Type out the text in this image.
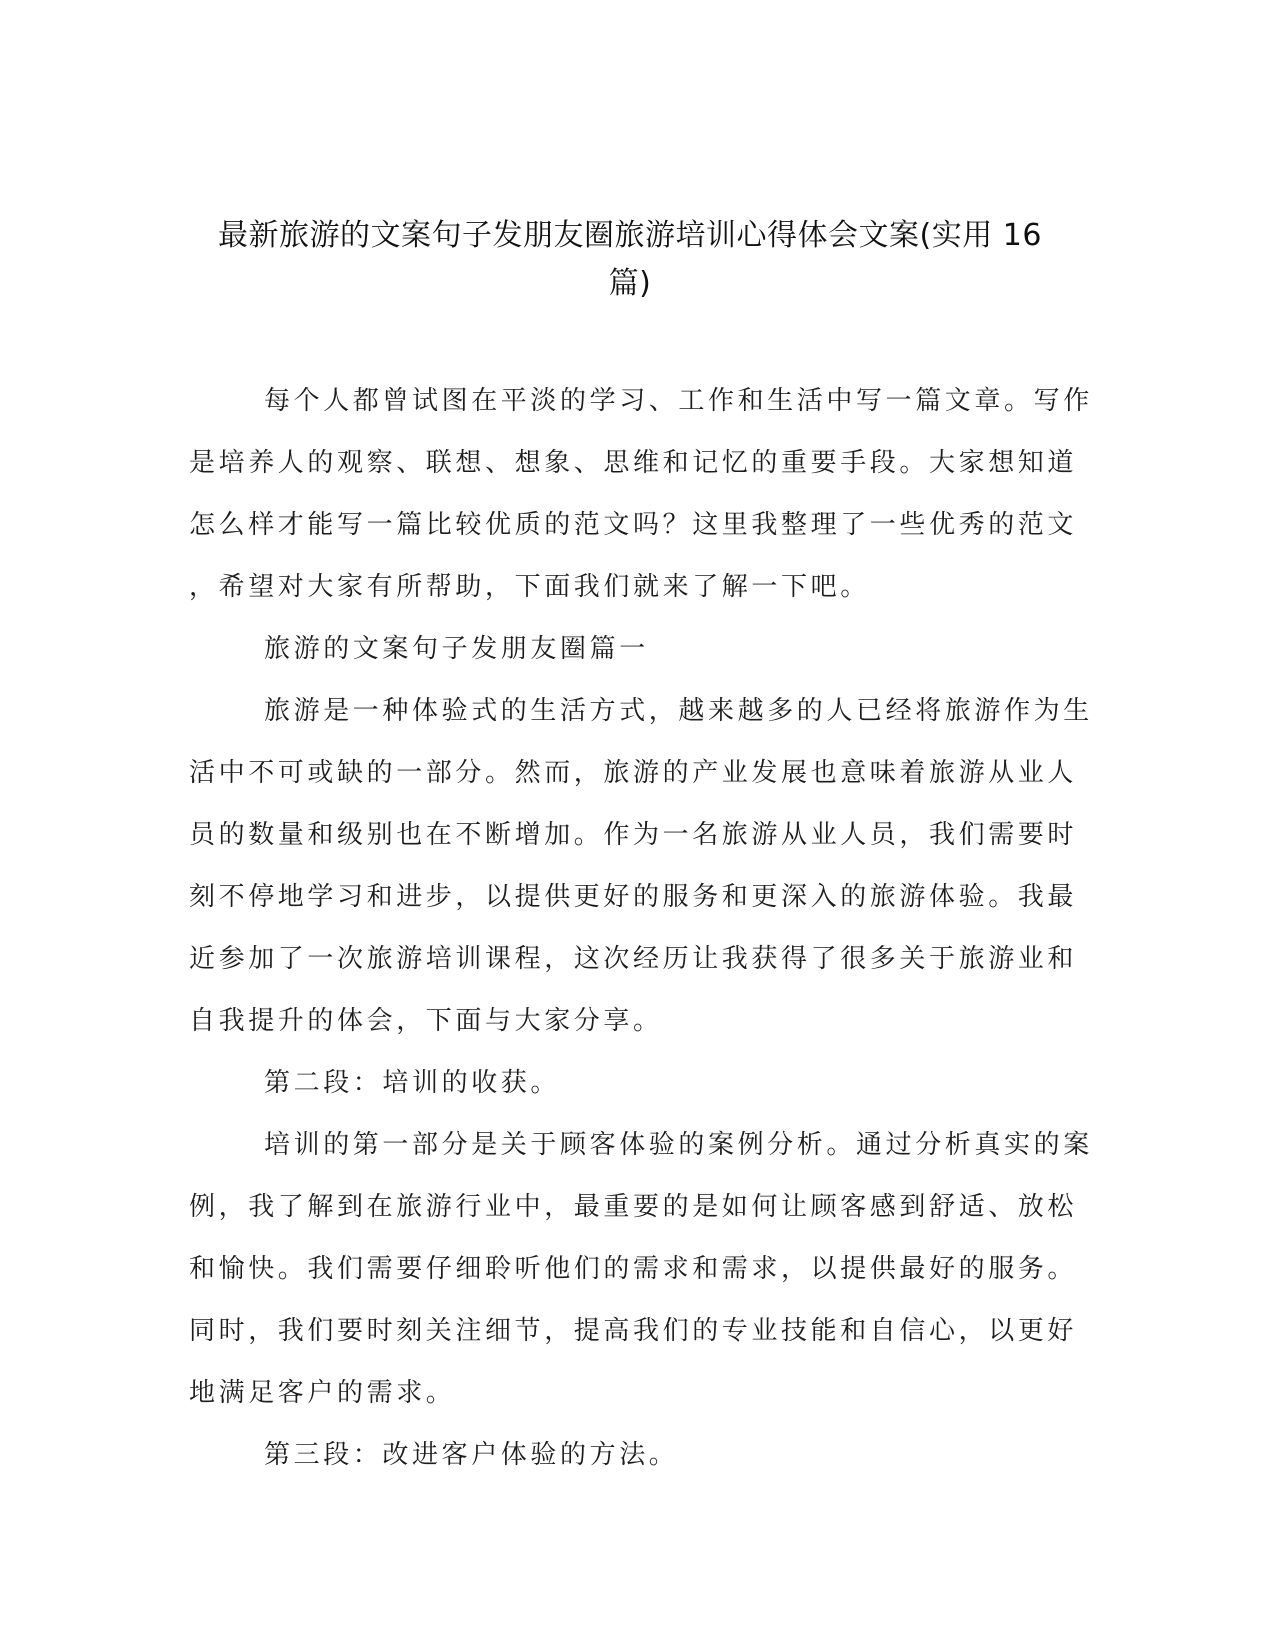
最新旅游的文案句子发朋友圈旅游培训心得体会文案(实用 16
篇)
每个人都曾试图在平淡的学习、工作和生活中写一篇文章。写作
是培养人的观察、联想、想象、思维和记忆的重要手段。大家想知道
怎么样才能写一篇比较优质的范文吗？这里我整理了一些优秀的范文
，希望对大家有所帮助，下面我们就来了解一下吧。
旅游的文案句子发朋友圈篇一
旅游是一种体验式的生活方式，越来越多的人已经将旅游作为生
活中不可或缺的一部分。然而，旅游的产业发展也意味着旅游从业人
员的数量和级别也在不断增加。作为一名旅游从业人员，我们需要时
刻不停地学习和进步，以提供更好的服务和更深入的旅游体验。我最
近参加了一次旅游培训课程，这次经历让我获得了很多关于旅游业和
自我提升的体会，下面与大家分享。
第二段：培训的收获。
培训的第一部分是关于顾客体验的案例分析。通过分析真实的案
例，我了解到在旅游行业中，最重要的是如何让顾客感到舒适、放松
和愉快。我们需要仔细聆听他们的需求和需求，以提供最好的服务。
同时，我们要时刻关注细节，提高我们的专业技能和自信心，以更好
地满足客户的需求。
第三段：改进客户体验的方法。
